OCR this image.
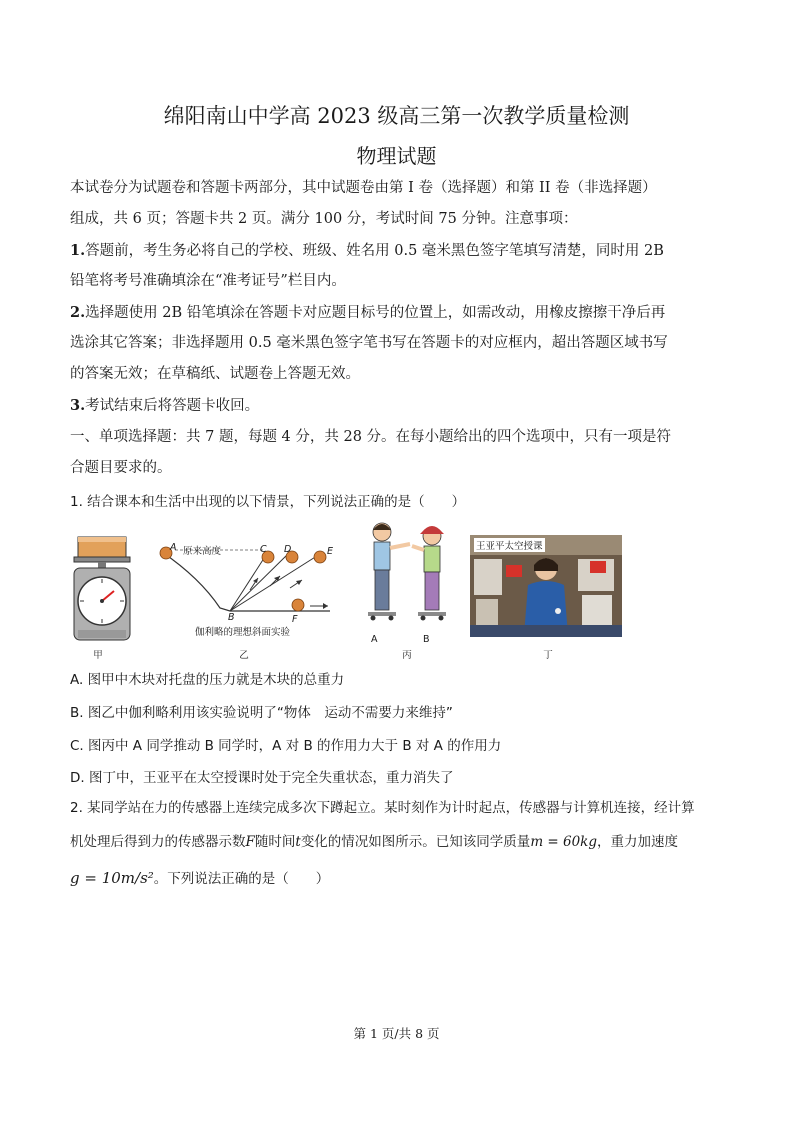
绵阳南山中学高 2023 级高三第一次教学质量检测
物理试题
本试卷分为试题卷和答题卡两部分，其中试题卷由第 I 卷（选择题）和第 II 卷（非选择题）
组成，共 6 页；答题卡共 2 页。满分 100 分，考试时间 75 分钟。注意事项：
1.答题前，考生务必将自己的学校、班级、姓名用 0.5 毫米黑色签字笔填写清楚，同时用 2B
铅笔将考号准确填涂在“准考证号”栏目内。
2.选择题使用 2B 铅笔填涂在答题卡对应题目标号的位置上，如需改动，用橡皮擦擦干净后再
选涂其它答案；非选择题用 0.5 毫米黑色签字笔书写在答题卡的对应框内，超出答题区域书写
的答案无效；在草稿纸、试题卷上答题无效。
3.考试结束后将答题卡收回。
一、单项选择题：共 7 题，每题 4 分，共 28 分。在每小题给出的四个选项中，只有一项是符
合题目要求的。
1. 结合课本和生活中出现的以下情景，下列说法正确的是（　　）
甲
A 原来高度	C D	E
B	F
伽利略的理想斜面实验
乙
A	B
丙
王亚平太空授课
丁
A. 图甲中木块对托盘的压力就是木块的总重力
B. 图乙中伽利略利用该实验说明了“物体　运动不需要力来维持”
C. 图丙中 A 同学推动 B 同学时，A 对 B 的作用力大于 B 对 A 的作用力
D. 图丁中，王亚平在太空授课时处于完全失重状态，重力消失了
2. 某同学站在力的传感器上连续完成多次下蹲起立。某时刻作为计时起点，传感器与计算机连接，经计算
机处理后得到力的传感器示数F随时间t变化的情况如图所示。已知该同学质量m = 60kg，重力加速度
g = 10m/s²。下列说法正确的是（　　）
第 1 页/共 8 页
